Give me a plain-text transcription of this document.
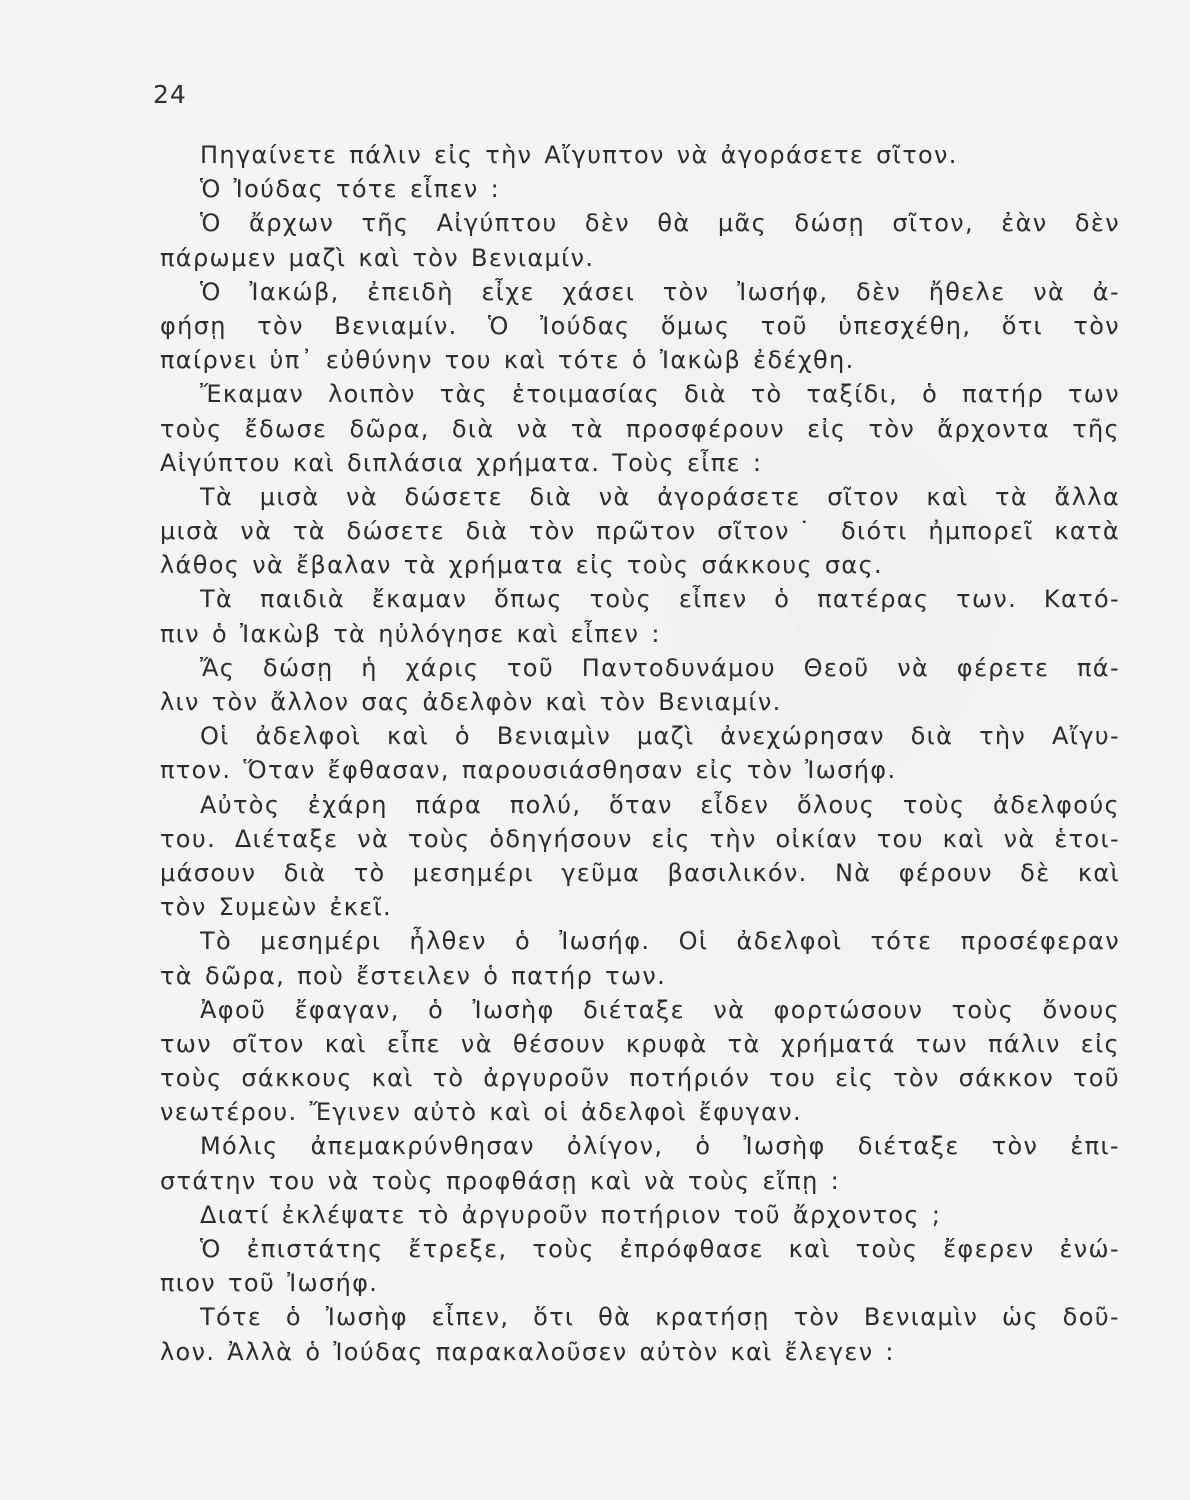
24
Πηγαίνετε πάλιν εἰς τὴν Αἴγυπτον νὰ ἀγοράσετε σῖτον.
Ὁ Ἰούδας τότε εἶπεν :
Ὁ ἄρχων τῆς Αἰγύπτου δὲν θὰ μᾶς δώσῃ σῖτον, ἐὰν δὲν
πάρωμεν μαζὶ καὶ τὸν Βενιαμίν.
Ὁ Ἰακώβ, ἐπειδὴ εἶχε χάσει τὸν Ἰωσήφ, δὲν ἤθελε νὰ ἀ-
φήσῃ τὸν Βενιαμίν. Ὁ Ἰούδας ὅμως τοῦ ὑπεσχέθη, ὅτι τὸν
παίρνει ὑπ᾽ εὐθύνην του καὶ τότε ὁ Ἰακὼβ ἐδέχθη.
Ἔκαμαν λοιπὸν τὰς ἑτοιμασίας διὰ τὸ ταξίδι, ὁ πατήρ των
τοὺς ἔδωσε δῶρα, διὰ νὰ τὰ προσφέρουν εἰς τὸν ἄρχοντα τῆς
Αἰγύπτου καὶ διπλάσια χρήματα. Τοὺς εἶπε :
Τὰ μισὰ νὰ δώσετε διὰ νὰ ἀγοράσετε σῖτον καὶ τὰ ἄλλα
μισὰ νὰ τὰ δώσετε διὰ τὸν πρῶτον σῖτον˙ διότι ἠμπορεῖ κατὰ
λάθος νὰ ἔβαλαν τὰ χρήματα εἰς τοὺς σάκκους σας.
Τὰ παιδιὰ ἔκαμαν ὅπως τοὺς εἶπεν ὁ πατέρας των. Κατό-
πιν ὁ Ἰακὼβ τὰ ηὐλόγησε καὶ εἶπεν :
Ἄς δώσῃ ἡ χάρις τοῦ Παντοδυνάμου Θεοῦ νὰ φέρετε πά-
λιν τὸν ἄλλον σας ἀδελφὸν καὶ τὸν Βενιαμίν.
Οἱ ἀδελφοὶ καὶ ὁ Βενιαμὶν μαζὶ ἀνεχώρησαν διὰ τὴν Αἴγυ-
πτον. Ὅταν ἔφθασαν, παρουσιάσθησαν εἰς τὸν Ἰωσήφ.
Αὐτὸς ἐχάρη πάρα πολύ, ὅταν εἶδεν ὅλους τοὺς ἀδελφούς
του. Διέταξε νὰ τοὺς ὁδηγήσουν εἰς τὴν οἰκίαν του καὶ νὰ ἑτοι-
μάσουν διὰ τὸ μεσημέρι γεῦμα βασιλικόν. Νὰ φέρουν δὲ καὶ
τὸν Συμεὼν ἐκεῖ.
Τὸ μεσημέρι ἦλθεν ὁ Ἰωσήφ. Οἱ ἀδελφοὶ τότε προσέφεραν
τὰ δῶρα, ποὺ ἔστειλεν ὁ πατήρ των.
Ἀφοῦ ἔφαγαν, ὁ Ἰωσὴφ διέταξε νὰ φορτώσουν τοὺς ὄνους
των σῖτον καὶ εἶπε νὰ θέσουν κρυφὰ τὰ χρήματά των πάλιν εἰς
τοὺς σάκκους καὶ τὸ ἀργυροῦν ποτήριόν του εἰς τὸν σάκκον τοῦ
νεωτέρου. Ἔγινεν αὐτὸ καὶ οἱ ἀδελφοὶ ἔφυγαν.
Μόλις ἀπεμακρύνθησαν ὀλίγον, ὁ Ἰωσὴφ διέταξε τὸν ἐπι-
στάτην του νὰ τοὺς προφθάσῃ καὶ νὰ τοὺς εἴπῃ :
Διατί ἐκλέψατε τὸ ἀργυροῦν ποτήριον τοῦ ἄρχοντος ;
Ὁ ἐπιστάτης ἔτρεξε, τοὺς ἐπρόφθασε καὶ τοὺς ἔφερεν ἐνώ-
πιον τοῦ Ἰωσήφ.
Τότε ὁ Ἰωσὴφ εἶπεν, ὅτι θὰ κρατήσῃ τὸν Βενιαμὶν ὡς δοῦ-
λον. Ἀλλὰ ὁ Ἰούδας παρακαλοῦσεν αὐτὸν καὶ ἔλεγεν :
